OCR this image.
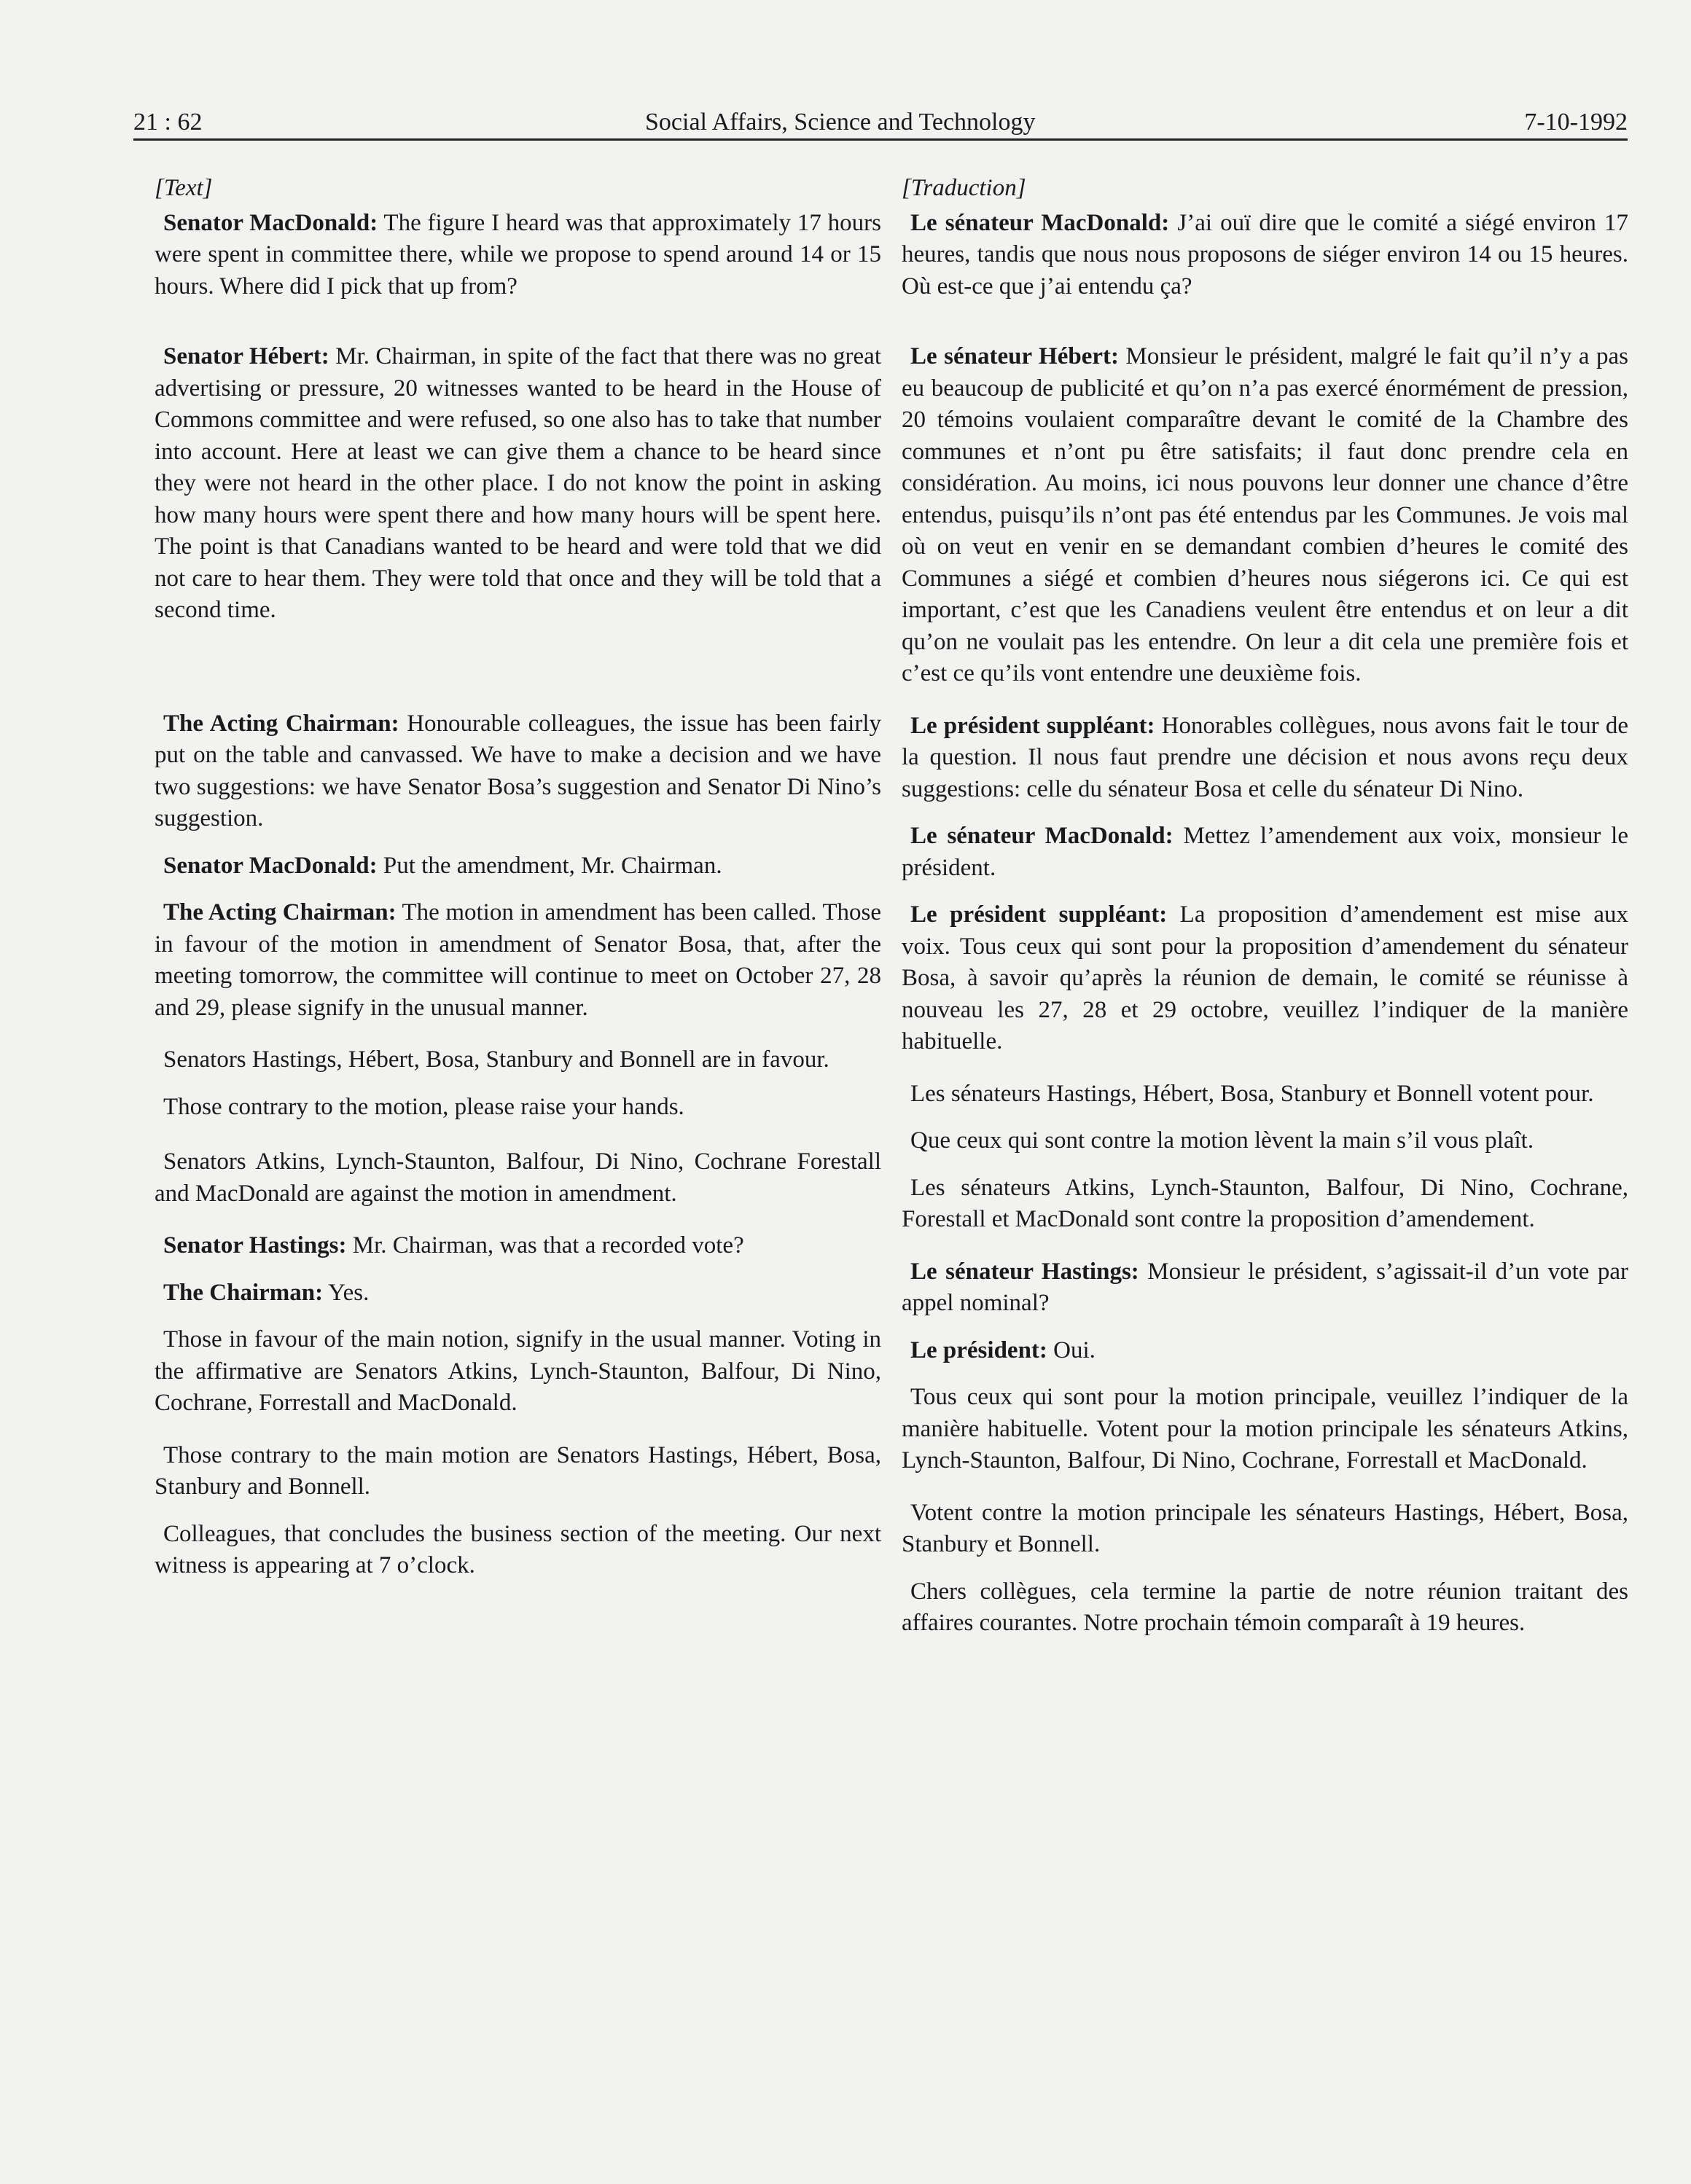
21 : 62	Social Affairs, Science and Technology	7-10-1992
[Text]

Senator MacDonald: The figure I heard was that approximately 17 hours were spent in committee there, while we propose to spend around 14 or 15 hours. Where did I pick that up from?

Senator Hébert: Mr. Chairman, in spite of the fact that there was no great advertising or pressure, 20 witnesses wanted to be heard in the House of Commons committee and were refused, so one also has to take that number into account. Here at least we can give them a chance to be heard since they were not heard in the other place. I do not know the point in asking how many hours were spent there and how many hours will be spent here. The point is that Canadians wanted to be heard and were told that we did not care to hear them. They were told that once and they will be told that a second time.

The Acting Chairman: Honourable colleagues, the issue has been fairly put on the table and canvassed. We have to make a decision and we have two suggestions: we have Senator Bosa’s suggestion and Senator Di Nino’s suggestion.

Senator MacDonald: Put the amendment, Mr. Chairman.

The Acting Chairman: The motion in amendment has been called. Those in favour of the motion in amendment of Senator Bosa, that, after the meeting tomorrow, the committee will continue to meet on October 27, 28 and 29, please signify in the unusual manner.

Senators Hastings, Hébert, Bosa, Stanbury and Bonnell are in favour.

Those contrary to the motion, please raise your hands.

Senators Atkins, Lynch-Staunton, Balfour, Di Nino, Cochrane Forestall and MacDonald are against the motion in amendment.

Senator Hastings: Mr. Chairman, was that a recorded vote?

The Chairman: Yes.

Those in favour of the main notion, signify in the usual manner. Voting in the affirmative are Senators Atkins, Lynch-Staunton, Balfour, Di Nino, Cochrane, Forrestall and MacDonald.

Those contrary to the main motion are Senators Hastings, Hébert, Bosa, Stanbury and Bonnell.

Colleagues, that concludes the business section of the meeting. Our next witness is appearing at 7 o’clock.

[Traduction]

Le sénateur MacDonald: J’ai ouï dire que le comité a siégé environ 17 heures, tandis que nous nous proposons de siéger environ 14 ou 15 heures. Où est-ce que j’ai entendu ça?

Le sénateur Hébert: Monsieur le président, malgré le fait qu’il n’y a pas eu beaucoup de publicité et qu’on n’a pas exercé énormément de pression, 20 témoins voulaient comparaître devant le comité de la Chambre des communes et n’ont pu être satisfaits; il faut donc prendre cela en considération. Au moins, ici nous pouvons leur donner une chance d’être entendus, puisqu’ils n’ont pas été entendus par les Communes. Je vois mal où on veut en venir en se demandant combien d’heures le comité des Communes a siégé et combien d’heures nous siégerons ici. Ce qui est important, c’est que les Canadiens veulent être entendus et on leur a dit qu’on ne voulait pas les entendre. On leur a dit cela une première fois et c’est ce qu’ils vont entendre une deuxième fois.

Le président suppléant: Honorables collègues, nous avons fait le tour de la question. Il nous faut prendre une décision et nous avons reçu deux suggestions: celle du sénateur Bosa et celle du sénateur Di Nino.

Le sénateur MacDonald: Mettez l’amendement aux voix, monsieur le président.

Le président suppléant: La proposition d’amendement est mise aux voix. Tous ceux qui sont pour la proposition d’amendement du sénateur Bosa, à savoir qu’après la réunion de demain, le comité se réunisse à nouveau les 27, 28 et 29 octobre, veuillez l’indiquer de la manière habituelle.

Les sénateurs Hastings, Hébert, Bosa, Stanbury et Bonnell votent pour.

Que ceux qui sont contre la motion lèvent la main s’il vous plaît.

Les sénateurs Atkins, Lynch-Staunton, Balfour, Di Nino, Cochrane, Forestall et MacDonald sont contre la proposition d’amendement.

Le sénateur Hastings: Monsieur le président, s’agissait-il d’un vote par appel nominal?

Le président: Oui.

Tous ceux qui sont pour la motion principale, veuillez l’indiquer de la manière habituelle. Votent pour la motion principale les sénateurs Atkins, Lynch-Staunton, Balfour, Di Nino, Cochrane, Forrestall et MacDonald.

Votent contre la motion principale les sénateurs Hastings, Hébert, Bosa, Stanbury et Bonnell.

Chers collègues, cela termine la partie de notre réunion traitant des affaires courantes. Notre prochain témoin comparaît à 19 heures.
